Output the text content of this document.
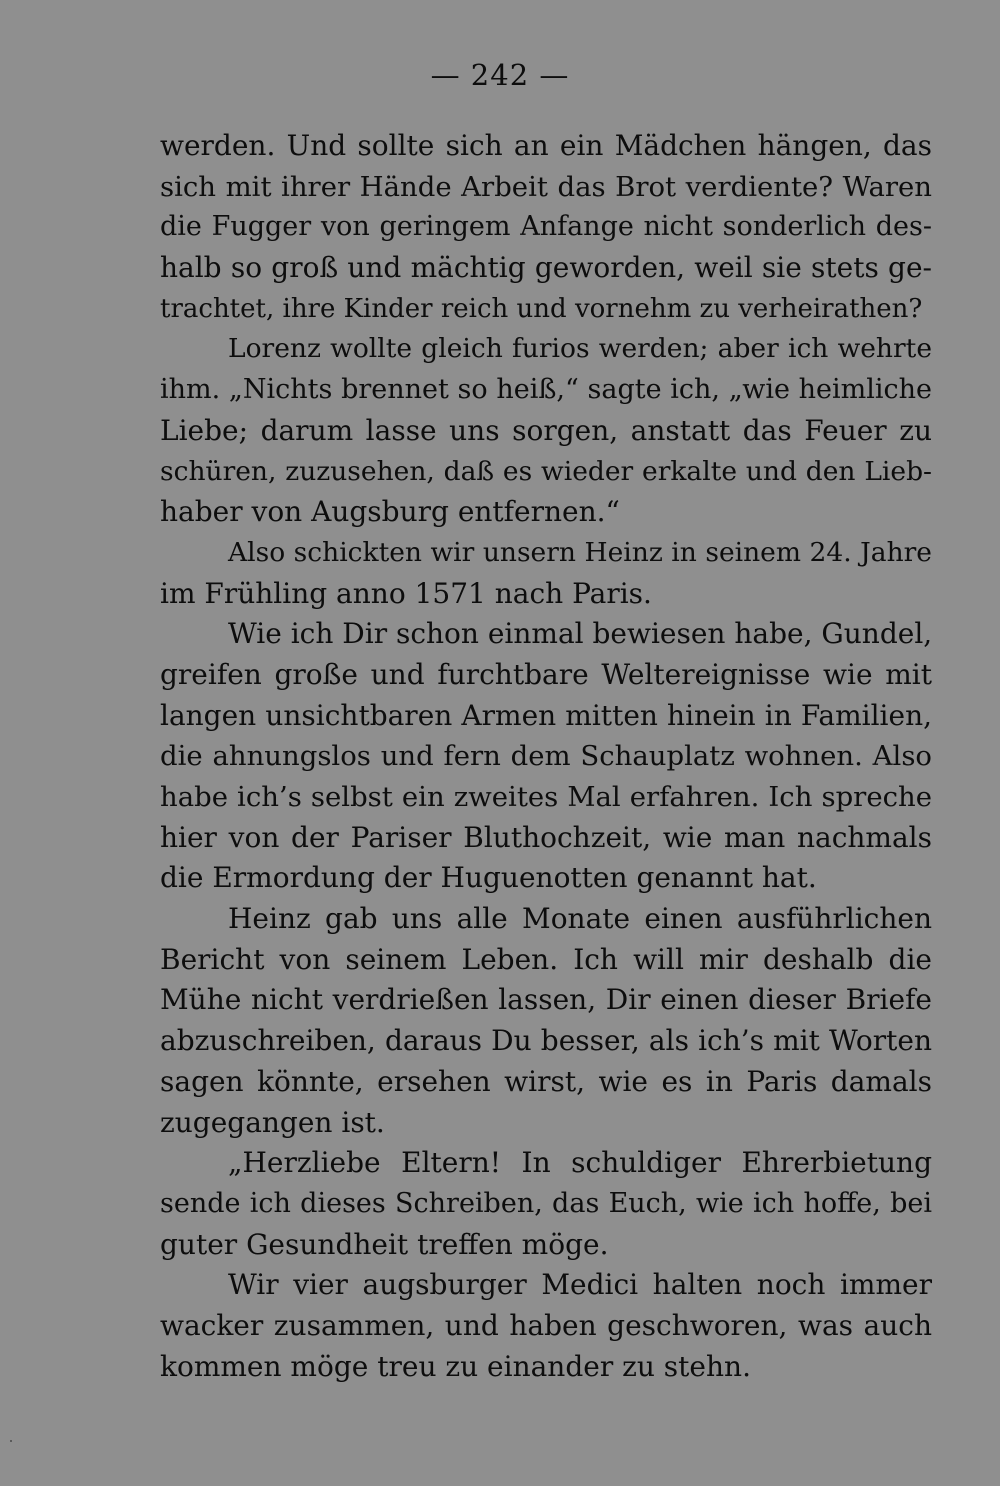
— 242 —
werden. Und sollte sich an ein Mädchen hängen, das
sich mit ihrer Hände Arbeit das Brot verdiente? Waren
die Fugger von geringem Anfange nicht sonderlich des-
halb so groß und mächtig geworden, weil sie stets ge-
trachtet, ihre Kinder reich und vornehm zu verheirathen?
Lorenz wollte gleich furios werden; aber ich wehrte
ihm. „Nichts brennet so heiß,“ sagte ich, „wie heimliche
Liebe; darum lasse uns sorgen, anstatt das Feuer zu
schüren, zuzusehen, daß es wieder erkalte und den Lieb-
haber von Augsburg entfernen.“
Also schickten wir unsern Heinz in seinem 24. Jahre
im Frühling anno 1571 nach Paris.
Wie ich Dir schon einmal bewiesen habe, Gundel,
greifen große und furchtbare Weltereignisse wie mit
langen unsichtbaren Armen mitten hinein in Familien,
die ahnungslos und fern dem Schauplatz wohnen. Also
habe ich’s selbst ein zweites Mal erfahren. Ich spreche
hier von der Pariser Bluthochzeit, wie man nachmals
die Ermordung der Huguenotten genannt hat.
Heinz gab uns alle Monate einen ausführlichen
Bericht von seinem Leben. Ich will mir deshalb die
Mühe nicht verdrießen lassen, Dir einen dieser Briefe
abzuschreiben, daraus Du besser, als ich’s mit Worten
sagen könnte, ersehen wirst, wie es in Paris damals
zugegangen ist.
„Herzliebe Eltern! In schuldiger Ehrerbietung
sende ich dieses Schreiben, das Euch, wie ich hoffe, bei
guter Gesundheit treffen möge.
Wir vier augsburger Medici halten noch immer
wacker zusammen, und haben geschworen, was auch
kommen möge treu zu einander zu stehn.
